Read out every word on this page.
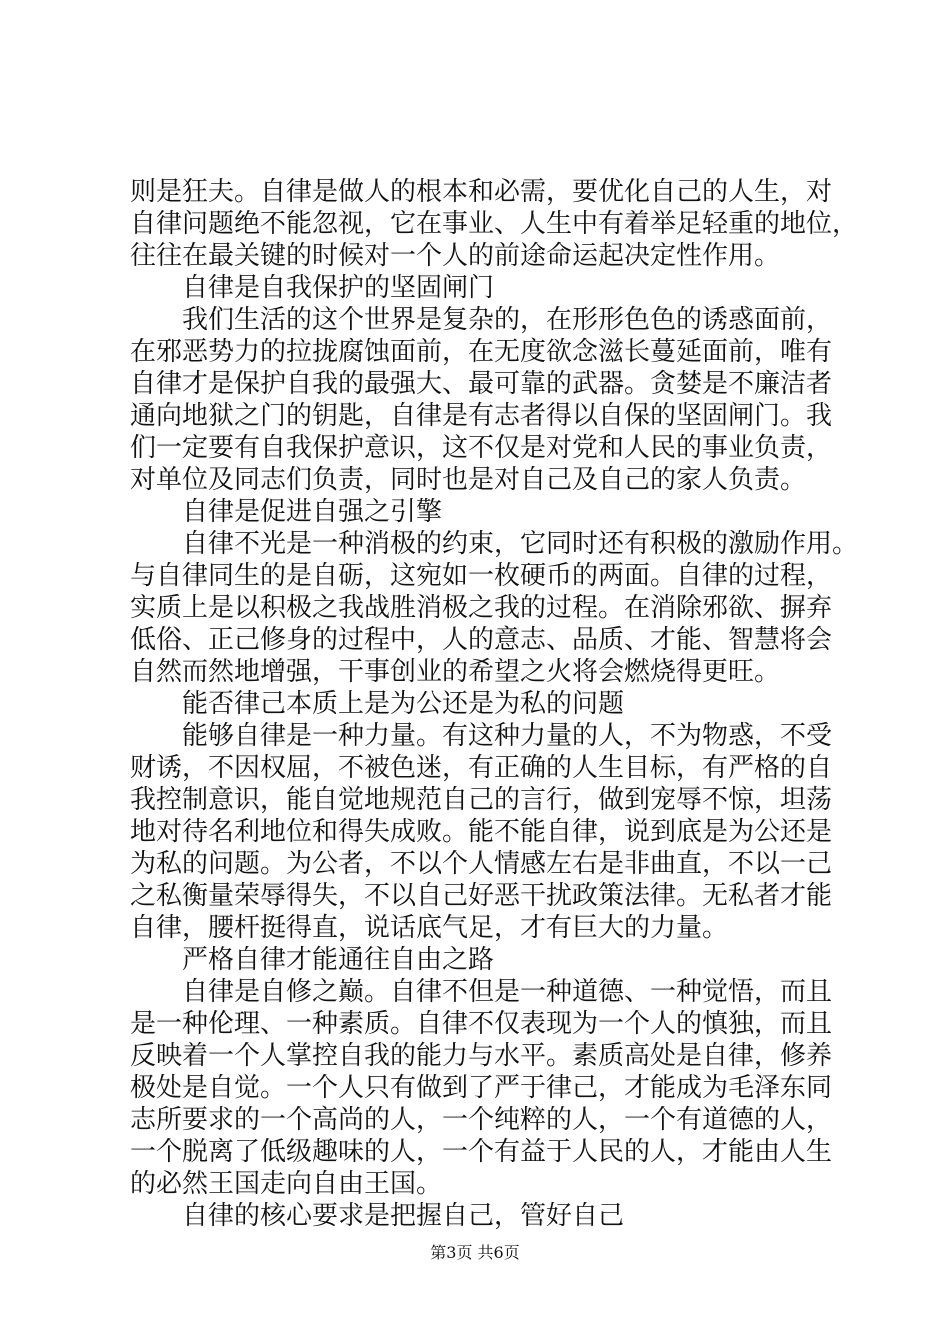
则是狂夫。自律是做人的根本和必需，要优化自己的人生，对
自律问题绝不能忽视，它在事业、人生中有着举足轻重的地位，
往往在最关键的时候对一个人的前途命运起决定性作用。
自律是自我保护的坚固闸门
我们生活的这个世界是复杂的，在形形色色的诱惑面前，
在邪恶势力的拉拢腐蚀面前，在无度欲念滋长蔓延面前，唯有
自律才是保护自我的最强大、最可靠的武器。贪婪是不廉洁者
通向地狱之门的钥匙，自律是有志者得以自保的坚固闸门。我
们一定要有自我保护意识，这不仅是对党和人民的事业负责，
对单位及同志们负责，同时也是对自己及自己的家人负责。
自律是促进自强之引擎
自律不光是一种消极的约束，它同时还有积极的激励作用。
与自律同生的是自砺，这宛如一枚硬币的两面。自律的过程，
实质上是以积极之我战胜消极之我的过程。在消除邪欲、摒弃
低俗、正己修身的过程中，人的意志、品质、才能、智慧将会
自然而然地增强，干事创业的希望之火将会燃烧得更旺。
能否律己本质上是为公还是为私的问题
能够自律是一种力量。有这种力量的人，不为物惑，不受
财诱，不因权屈，不被色迷，有正确的人生目标，有严格的自
我控制意识，能自觉地规范自己的言行，做到宠辱不惊，坦荡
地对待名利地位和得失成败。能不能自律，说到底是为公还是
为私的问题。为公者，不以个人情感左右是非曲直，不以一己
之私衡量荣辱得失，不以自己好恶干扰政策法律。无私者才能
自律，腰杆挺得直，说话底气足，才有巨大的力量。
严格自律才能通往自由之路
自律是自修之巅。自律不但是一种道德、一种觉悟，而且
是一种伦理、一种素质。自律不仅表现为一个人的慎独，而且
反映着一个人掌控自我的能力与水平。素质高处是自律，修养
极处是自觉。一个人只有做到了严于律己，才能成为毛泽东同
志所要求的一个高尚的人，一个纯粹的人，一个有道德的人，
一个脱离了低级趣味的人，一个有益于人民的人，才能由人生
的必然王国走向自由王国。
自律的核心要求是把握自己，管好自己
第3页 共6页
